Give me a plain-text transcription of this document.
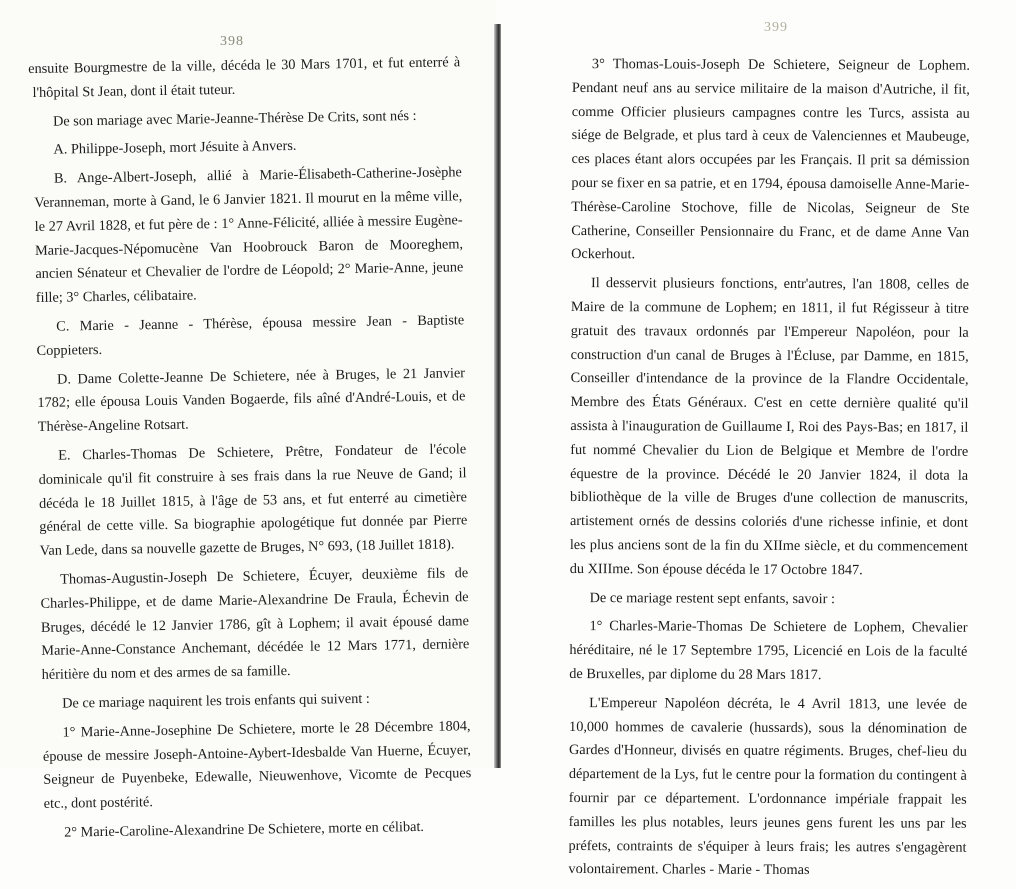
398

ensuite Bourgmestre de la ville, décéda le 30 Mars 1701, et fut enterré à l'hôpital St Jean, dont il était tuteur.

De son mariage avec Marie-Jeanne-Thérèse De Crits, sont nés :

A. Philippe-Joseph, mort Jésuite à Anvers.

B. Ange-Albert-Joseph, allié à Marie-Élisabeth-Catherine-Josèphe Veranneman, morte à Gand, le 6 Janvier 1821. Il mourut en la même ville, le 27 Avril 1828, et fut père de : 1° Anne-Félicité, alliée à messire Eugène-Marie-Jacques-Népomucène Van Hoobrouck Baron de Mooreghem, ancien Sénateur et Chevalier de l'ordre de Léopold; 2° Marie-Anne, jeune fille; 3° Charles, célibataire.

C. Marie - Jeanne - Thérèse, épousa messire Jean - Baptiste Coppieters.

D. Dame Colette-Jeanne De Schietere, née à Bruges, le 21 Janvier 1782; elle épousa Louis Vanden Bogaerde, fils aîné d'André-Louis, et de Thérèse-Angeline Rotsart.

E. Charles-Thomas De Schietere, Prêtre, Fondateur de l'école dominicale qu'il fit construire à ses frais dans la rue Neuve de Gand; il décéda le 18 Juillet 1815, à l'âge de 53 ans, et fut enterré au cimetière général de cette ville. Sa biographie apologétique fut donnée par Pierre Van Lede, dans sa nouvelle gazette de Bruges, N° 693, (18 Juillet 1818).

Thomas-Augustin-Joseph De Schietere, Écuyer, deuxième fils de Charles-Philippe, et de dame Marie-Alexandrine De Fraula, Échevin de Bruges, décédé le 12 Janvier 1786, gît à Lophem; il avait épousé dame Marie-Anne-Constance Anchemant, décédée le 12 Mars 1771, dernière héritière du nom et des armes de sa famille.

De ce mariage naquirent les trois enfants qui suivent :

1° Marie-Anne-Josephine De Schietere, morte le 28 Décembre 1804, épouse de messire Joseph-Antoine-Aybert-Idesbalde Van Huerne, Écuyer, Seigneur de Puyenbeke, Edewalle, Nieuwenhove, Vicomte de Pecques etc., dont postérité.

2° Marie-Caroline-Alexandrine De Schietere, morte en célibat.

399

3° Thomas-Louis-Joseph De Schietere, Seigneur de Lophem. Pendant neuf ans au service militaire de la maison d'Autriche, il fit, comme Officier plusieurs campagnes contre les Turcs, assista au siége de Belgrade, et plus tard à ceux de Valenciennes et Maubeuge, ces places étant alors occupées par les Français. Il prit sa démission pour se fixer en sa patrie, et en 1794, épousa damoiselle Anne-Marie-Thérèse-Caroline Stochove, fille de Nicolas, Seigneur de Ste Catherine, Conseiller Pensionnaire du Franc, et de dame Anne Van Ockerhout.

Il desservit plusieurs fonctions, entr'autres, l'an 1808, celles de Maire de la commune de Lophem; en 1811, il fut Régisseur à titre gratuit des travaux ordonnés par l'Empereur Napoléon, pour la construction d'un canal de Bruges à l'Écluse, par Damme, en 1815, Conseiller d'intendance de la province de la Flandre Occidentale, Membre des États Généraux. C'est en cette dernière qualité qu'il assista à l'inauguration de Guillaume I, Roi des Pays-Bas; en 1817, il fut nommé Chevalier du Lion de Belgique et Membre de l'ordre équestre de la province. Décédé le 20 Janvier 1824, il dota la bibliothèque de la ville de Bruges d'une collection de manuscrits, artistement ornés de dessins coloriés d'une richesse infinie, et dont les plus anciens sont de la fin du XIIme siècle, et du commencement du XIIIme. Son épouse décéda le 17 Octobre 1847.

De ce mariage restent sept enfants, savoir :

1° Charles-Marie-Thomas De Schietere de Lophem, Chevalier héréditaire, né le 17 Septembre 1795, Licencié en Lois de la faculté de Bruxelles, par diplome du 28 Mars 1817.

L'Empereur Napoléon décréta, le 4 Avril 1813, une levée de 10,000 hommes de cavalerie (hussards), sous la dénomination de Gardes d'Honneur, divisés en quatre régiments. Bruges, chef-lieu du département de la Lys, fut le centre pour la formation du contingent à fournir par ce département. L'ordonnance impériale frappait les familles les plus notables, leurs jeunes gens furent les uns par les préfets, contraints de s'équiper à leurs frais; les autres s'engagèrent volontairement. Charles - Marie - Thomas
